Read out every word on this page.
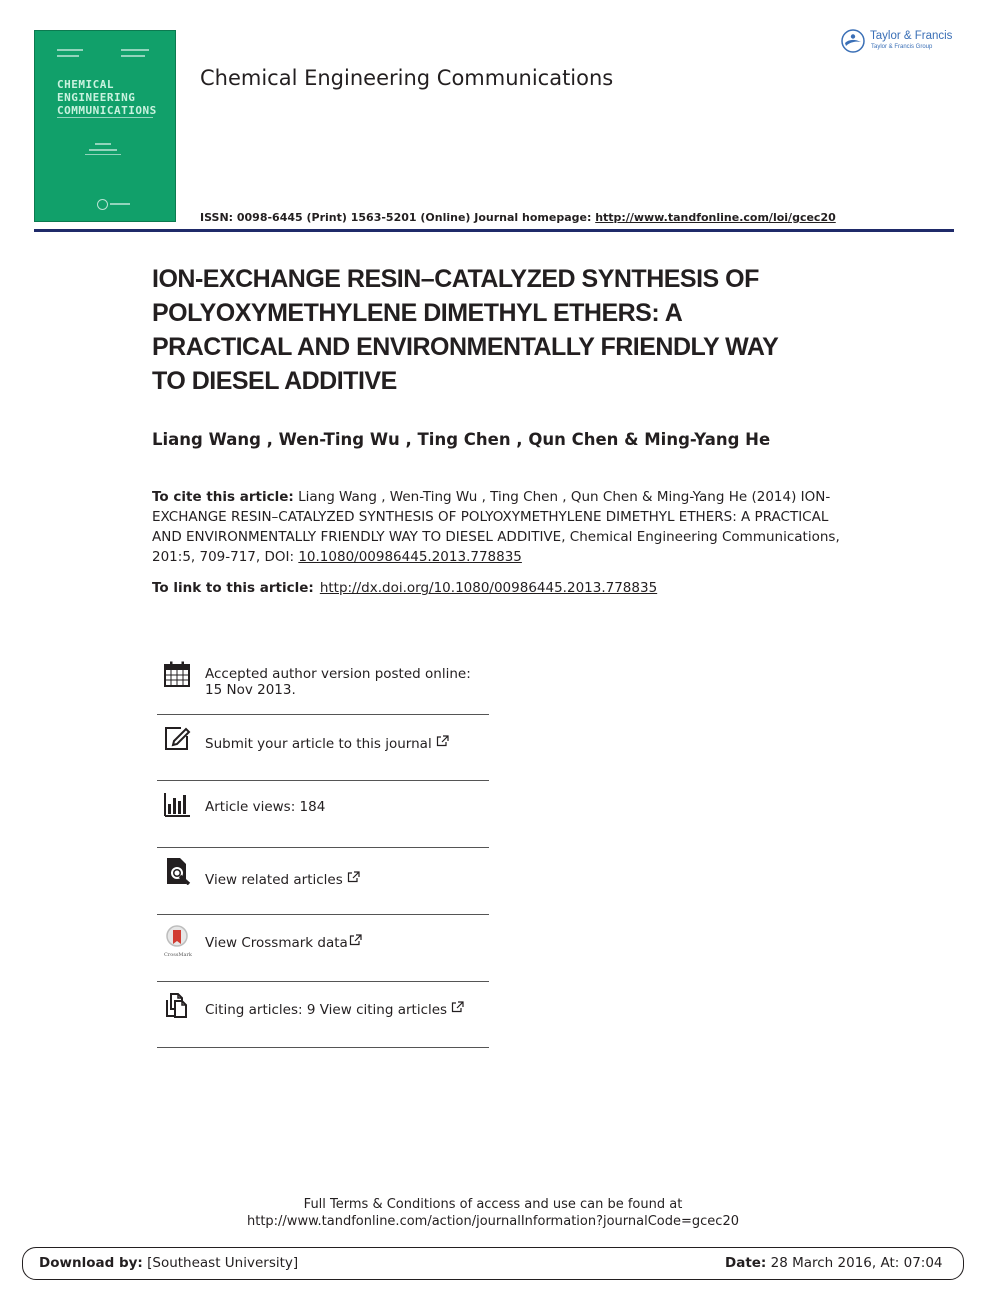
CHEMICAL
ENGINEERING
COMMUNICATIONS
Chemical Engineering Communications
Taylor & Francis
Taylor & Francis Group
ISSN: 0098-6445 (Print) 1563-5201 (Online) Journal homepage: http://www.tandfonline.com/loi/gcec20
ION-EXCHANGE RESIN–CATALYZED SYNTHESIS OF POLYOXYMETHYLENE DIMETHYL ETHERS: A PRACTICAL AND ENVIRONMENTALLY FRIENDLY WAY TO DIESEL ADDITIVE
Liang Wang , Wen-Ting Wu , Ting Chen , Qun Chen & Ming-Yang He
To cite this article: Liang Wang , Wen-Ting Wu , Ting Chen , Qun Chen & Ming-Yang He (2014) ION-EXCHANGE RESIN–CATALYZED SYNTHESIS OF POLYOXYMETHYLENE DIMETHYL ETHERS: A PRACTICAL AND ENVIRONMENTALLY FRIENDLY WAY TO DIESEL ADDITIVE, Chemical Engineering Communications, 201:5, 709-717, DOI: 10.1080/00986445.2013.778835
To link to this article: http://dx.doi.org/10.1080/00986445.2013.778835
Accepted author version posted online: 15 Nov 2013.
Submit your article to this journal
Article views: 184
View related articles
CrossMark
View Crossmark data
Citing articles: 9 View citing articles
Full Terms & Conditions of access and use can be found at
http://www.tandfonline.com/action/journalInformation?journalCode=gcec20
Download by: [Southeast University]	Date: 28 March 2016, At: 07:04
